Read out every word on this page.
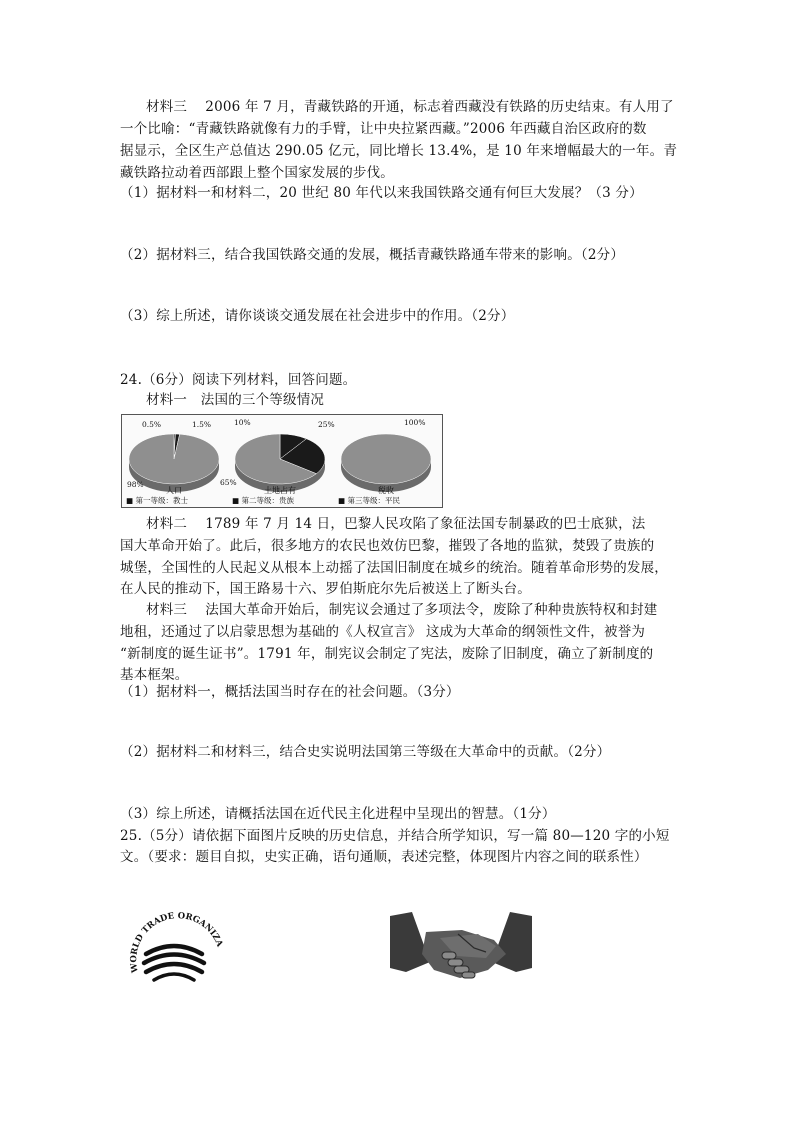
材料三　 2006 年 7 月，青藏铁路的开通，标志着西藏没有铁路的历史结束。有人用了
一个比喻：“青藏铁路就像有力的手臂，让中央拉紧西藏。”2006 年西藏自治区政府的数
据显示，全区生产总值达 290.05 亿元，同比增长 13.4%，是 10 年来增幅最大的一年。青
藏铁路拉动着西部跟上整个国家发展的步伐。
（1）据材料一和材料二，20 世纪 80 年代以来我国铁路交通有何巨大发展？（3 分）
（2）据材料三，结合我国铁路交通的发展，概括青藏铁路通车带来的影响。（2分）
（3）综上所述，请你谈谈交通发展在社会进步中的作用。（2分）
24.（6分）阅读下列材料，回答问题。
材料一　法国的三个等级情况
0.5%	1.5%
98%
人口
10%	25%
65%
土地占有
100%
税收
■ 第一等级：教士	■ 第二等级：贵族	■ 第三等级：平民
材料二　 1789 年 7 月 14 日，巴黎人民攻陷了象征法国专制暴政的巴士底狱，法
国大革命开始了。此后，很多地方的农民也效仿巴黎，摧毁了各地的监狱，焚毁了贵族的
城堡，全国性的人民起义从根本上动摇了法国旧制度在城乡的统治。随着革命形势的发展，
在人民的推动下，国王路易十六、罗伯斯庇尔先后被送上了断头台。
材料三　 法国大革命开始后，制宪议会通过了多项法令，废除了种种贵族特权和封建
地租，还通过了以启蒙思想为基础的《人权宣言》 这成为大革命的纲领性文件，被誉为
“新制度的诞生证书”。1791 年，制宪议会制定了宪法，废除了旧制度，确立了新制度的
基本框架。
（1）据材料一，概括法国当时存在的社会问题。（3分）
（2）据材料二和材料三，结合史实说明法国第三等级在大革命中的贡献。（2分）
（3）综上所述，请概括法国在近代民主化进程中呈现出的智慧。（1分）
25.（5分）请依据下面图片反映的历史信息，并结合所学知识，写一篇 80—120 字的小短
文。（要求：题目自拟，史实正确，语句通顺，表述完整，体现图片内容之间的联系性）
WORLD TRADE ORGANIZA
